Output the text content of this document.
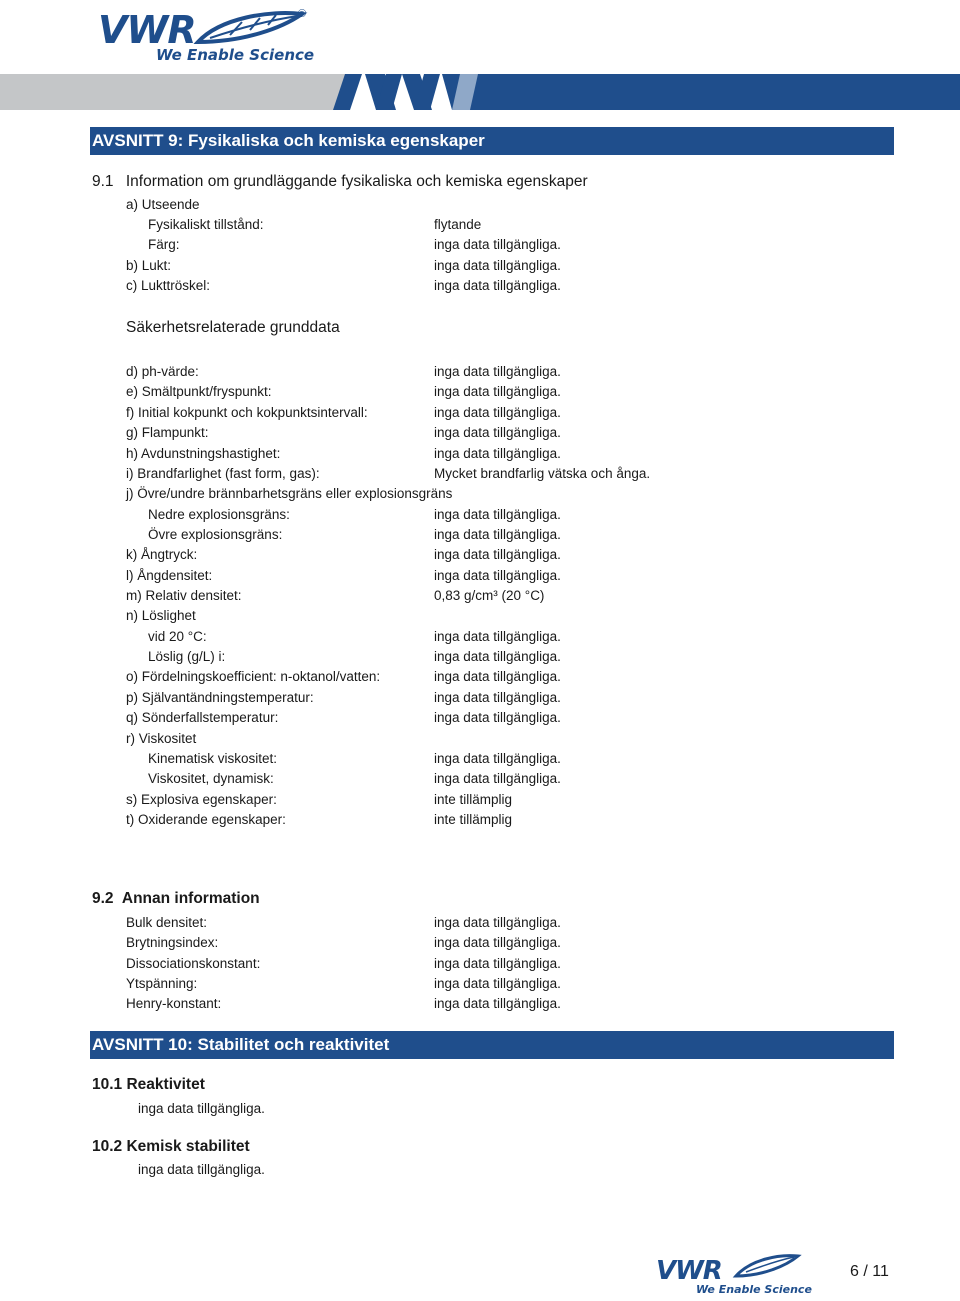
VWR	®
We Enable Science
AVSNITT 9: Fysikaliska och kemiska egenskaper
9.1 Information om grundläggande fysikaliska och kemiska egenskaper
a) Utseende
Fysikaliskt tillstånd:	flytande
Färg:	inga data tillgängliga.
b) Lukt:	inga data tillgängliga.
c) Lukttröskel:	inga data tillgängliga.
Säkerhetsrelaterade grunddata
d) ph-värde:	inga data tillgängliga.
e) Smältpunkt/fryspunkt:	inga data tillgängliga.
f) Initial kokpunkt och kokpunktsintervall:	inga data tillgängliga.
g) Flampunkt:	inga data tillgängliga.
h) Avdunstningshastighet:	inga data tillgängliga.
i) Brandfarlighet (fast form, gas):	Mycket brandfarlig vätska och ånga.
j) Övre/undre brännbarhetsgräns eller explosionsgräns
Nedre explosionsgräns:	inga data tillgängliga.
Övre explosionsgräns:	inga data tillgängliga.
k) Ångtryck:	inga data tillgängliga.
l) Ångdensitet:	inga data tillgängliga.
m) Relativ densitet:	0,83 g/cm³ (20 °C)
n) Löslighet
vid 20 °C:	inga data tillgängliga.
Löslig (g/L) i:	inga data tillgängliga.
o) Fördelningskoefficient: n-oktanol/vatten:	inga data tillgängliga.
p) Självantändningstemperatur:	inga data tillgängliga.
q) Sönderfallstemperatur:	inga data tillgängliga.
r) Viskositet
Kinematisk viskositet:	inga data tillgängliga.
Viskositet, dynamisk:	inga data tillgängliga.
s) Explosiva egenskaper:	inte tillämplig
t) Oxiderande egenskaper:	inte tillämplig
9.2 Annan information
Bulk densitet:	inga data tillgängliga.
Brytningsindex:	inga data tillgängliga.
Dissociationskonstant:	inga data tillgängliga.
Ytspänning:	inga data tillgängliga.
Henry-konstant:	inga data tillgängliga.
AVSNITT 10: Stabilitet och reaktivitet
10.1 Reaktivitet
inga data tillgängliga.
10.2 Kemisk stabilitet
inga data tillgängliga.
VWR
We Enable Science
6 / 11
